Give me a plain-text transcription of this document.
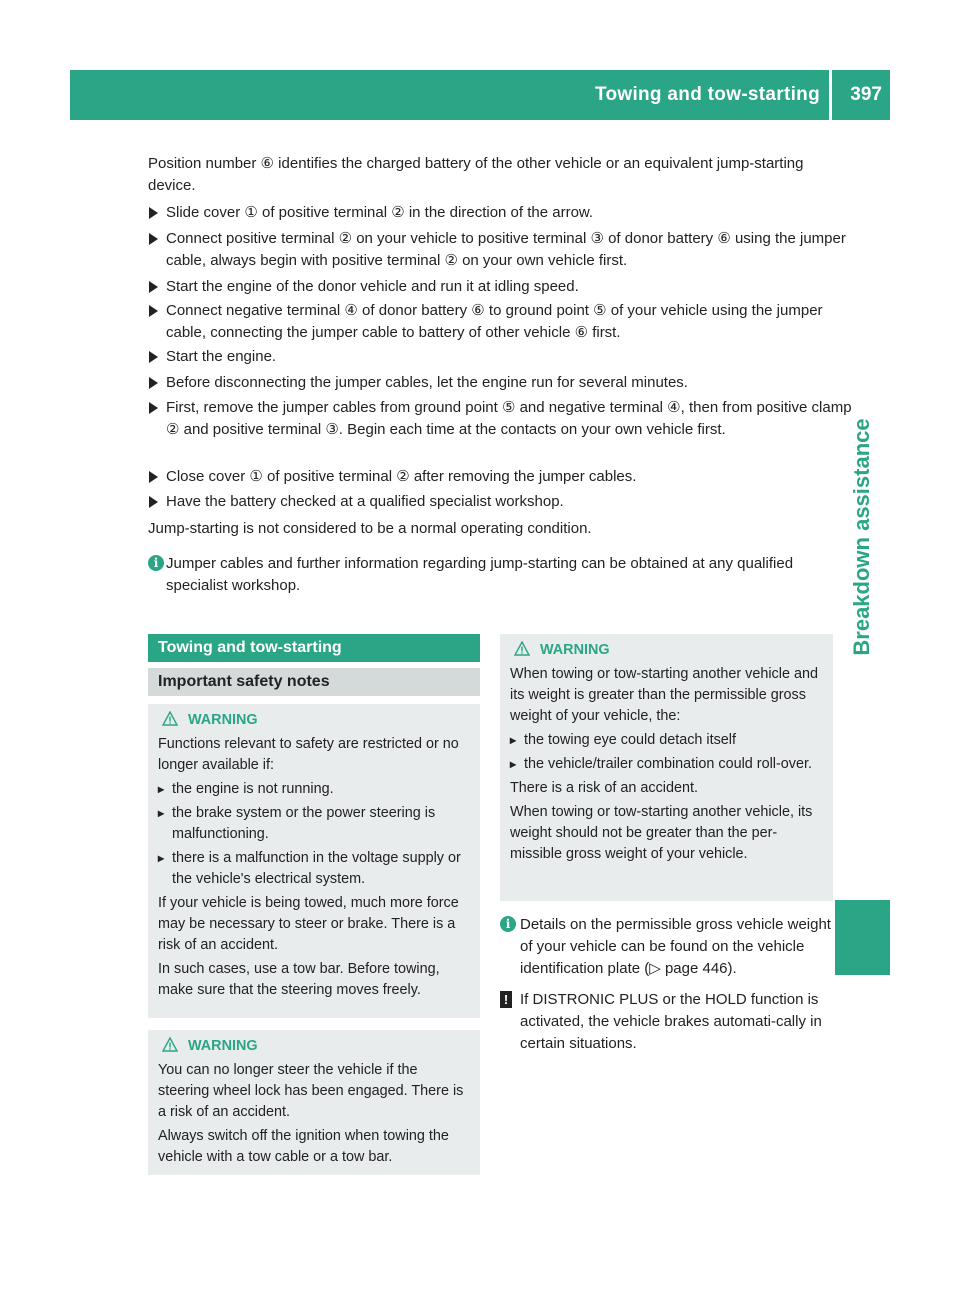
Towing and tow-starting 397
Breakdown assistance
Position number ⑥ identifies the charged battery of the other vehicle or an equivalent jump-starting device.
Slide cover ① of positive terminal ② in the direction of the arrow.
Connect positive terminal ② on your vehicle to positive terminal ③ of donor battery ⑥ using the jumper cable, always begin with positive terminal ② on your own vehicle first.
Start the engine of the donor vehicle and run it at idling speed.
Connect negative terminal ④ of donor battery ⑥ to ground point ⑤ of your vehicle using the jumper cable, connecting the jumper cable to battery of other vehicle ⑥ first.
Start the engine.
Before disconnecting the jumper cables, let the engine run for several minutes.
First, remove the jumper cables from ground point ⑤ and negative terminal ④, then from positive clamp ② and positive terminal ③. Begin each time at the contacts on your own vehicle first.
Close cover ① of positive terminal ② after removing the jumper cables.
Have the battery checked at a qualified specialist workshop.
Jump-starting is not considered to be a normal operating condition.
i Jumper cables and further information regarding jump-starting can be obtained at any qualified specialist workshop.
Towing and tow-starting
Important safety notes
WARNING

Functions relevant to safety are restricted or no longer available if:

▸ the engine is not running.
▸ the brake system or the power steering is malfunctioning.
▸ there is a malfunction in the voltage supply or the vehicle's electrical system.

If your vehicle is being towed, much more force may be necessary to steer or brake. There is a risk of an accident.

In such cases, use a tow bar. Before towing, make sure that the steering moves freely.

WARNING

You can no longer steer the vehicle if the steering wheel lock has been engaged. There is a risk of an accident.

Always switch off the ignition when towing the vehicle with a tow cable or a tow bar.

WARNING

When towing or tow-starting another vehicle and its weight is greater than the permissible gross weight of your vehicle, the:

▸ the towing eye could detach itself
▸ the vehicle/trailer combination could roll-over.

There is a risk of an accident.

When towing or tow-starting another vehicle, its weight should not be greater than the per-missible gross weight of your vehicle.

i Details on the permissible gross vehicle weight of your vehicle can be found on the vehicle identification plate (▷ page 446).
! If DISTRONIC PLUS or the HOLD function is activated, the vehicle brakes automati-cally in certain situations.
